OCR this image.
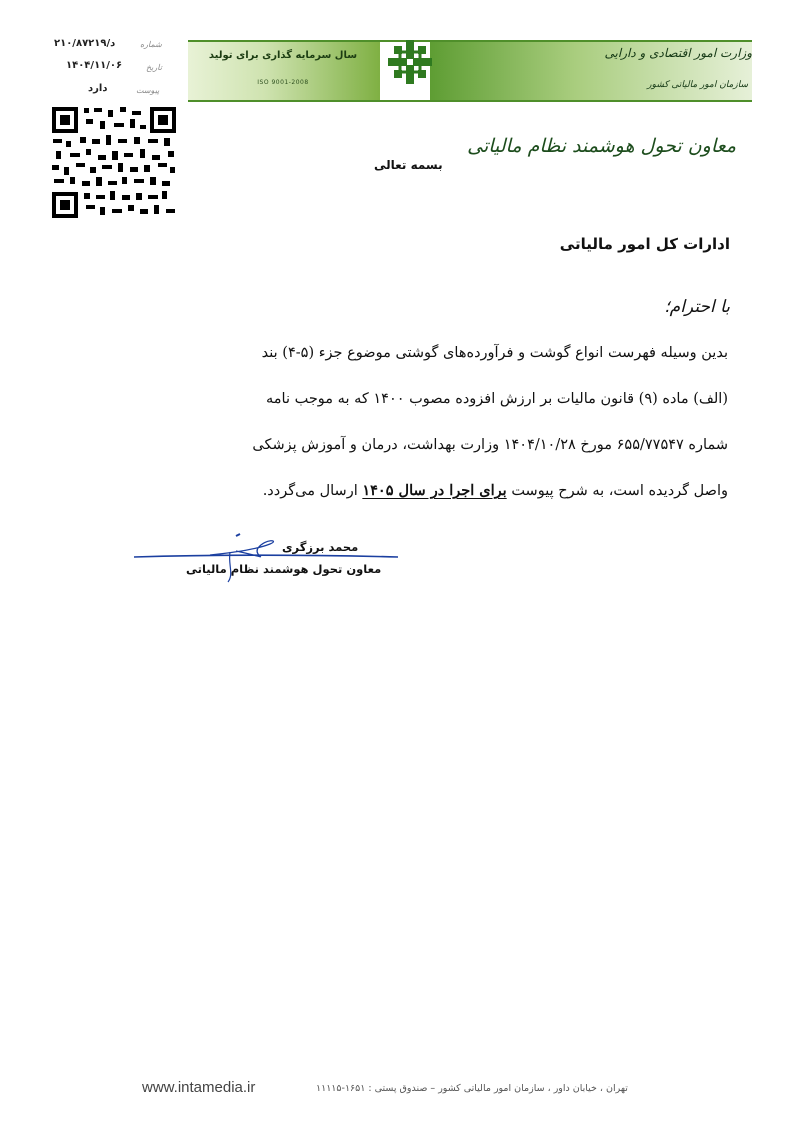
سال سرمایه گذاری برای تولید
ISO 9001-2008
وزارت امور اقتصادی و دارایی
سازمان امور مالیاتی کشور
شماره
د/۲۱۰/۸۷۲۱۹
تاریخ
۱۴۰۴/۱۱/۰۶
پیوست
دارد
معاون تحول هوشمند نظام مالیاتی
بسمه تعالی
ادارات کل امور مالیاتی
با احترام؛
بدین وسیله فهرست انواع گوشت و فرآورده‌های گوشتی موضوع جزء (۵-۴) بند
(الف) ماده (۹) قانون مالیات بر ارزش افزوده مصوب ۱۴۰۰ که به موجب نامه
شماره ۶۵۵/۷۷۵۴۷ مورخ ۱۴۰۴/۱۰/۲۸ وزارت بهداشت، درمان و آموزش پزشکی
واصل گردیده است، به شرح پیوست برای اجرا در سال ۱۴۰۵ ارسال می‌گردد.
محمد برزگری
معاون تحول هوشمند نظام مالیاتی
www.intamedia.ir	تهران ، خیابان داور ، سازمان امور مالیاتی کشور – صندوق پستی : ۱۶۵۱-۱۱۱۱۵
